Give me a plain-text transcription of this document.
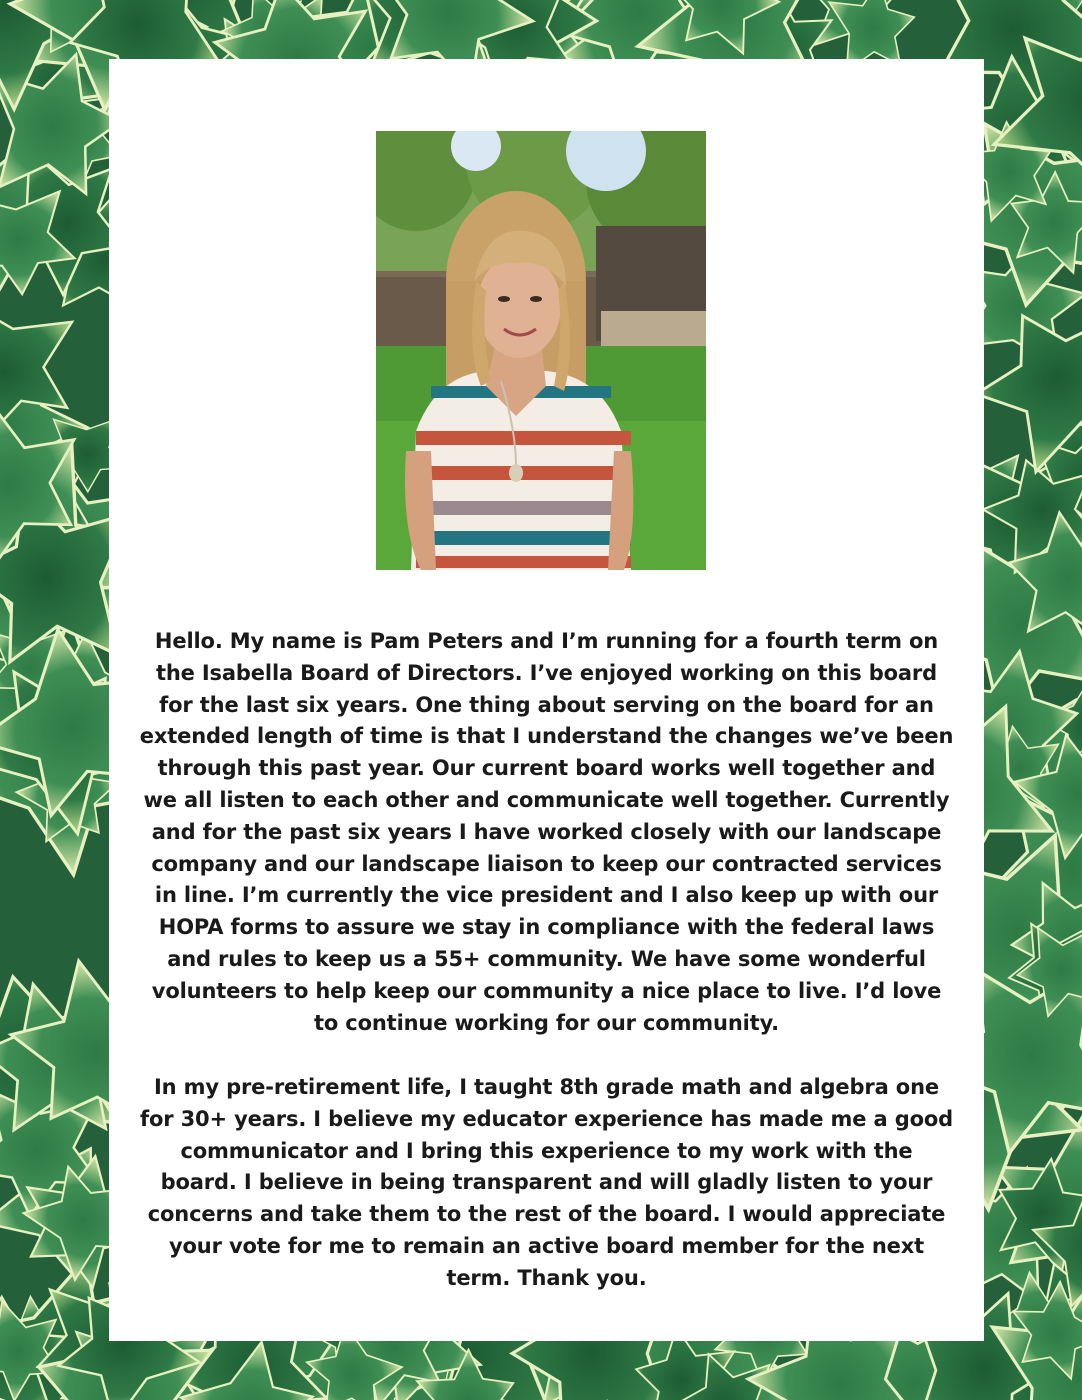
Hello. My name is Pam Peters and I’m running for a fourth term on the Isabella Board of Directors. I’ve enjoyed working on this board for the last six years. One thing about serving on the board for an extended length of time is that I understand the changes we’ve been through this past year. Our current board works well together and we all listen to each other and communicate well together. Currently and for the past six years I have worked closely with our landscape company and our landscape liaison to keep our contracted services in line. I’m currently the vice president and I also keep up with our HOPA forms to assure we stay in compliance with the federal laws and rules to keep us a 55+ community. We have some wonderful volunteers to help keep our community a nice place to live. I’d love to continue working for our community.

In my pre-retirement life, I taught 8th grade math and algebra one for 30+ years. I believe my educator experience has made me a good communicator and I bring this experience to my work with the board. I believe in being transparent and will gladly listen to your concerns and take them to the rest of the board. I would appreciate your vote for me to remain an active board member for the next term. Thank you.
